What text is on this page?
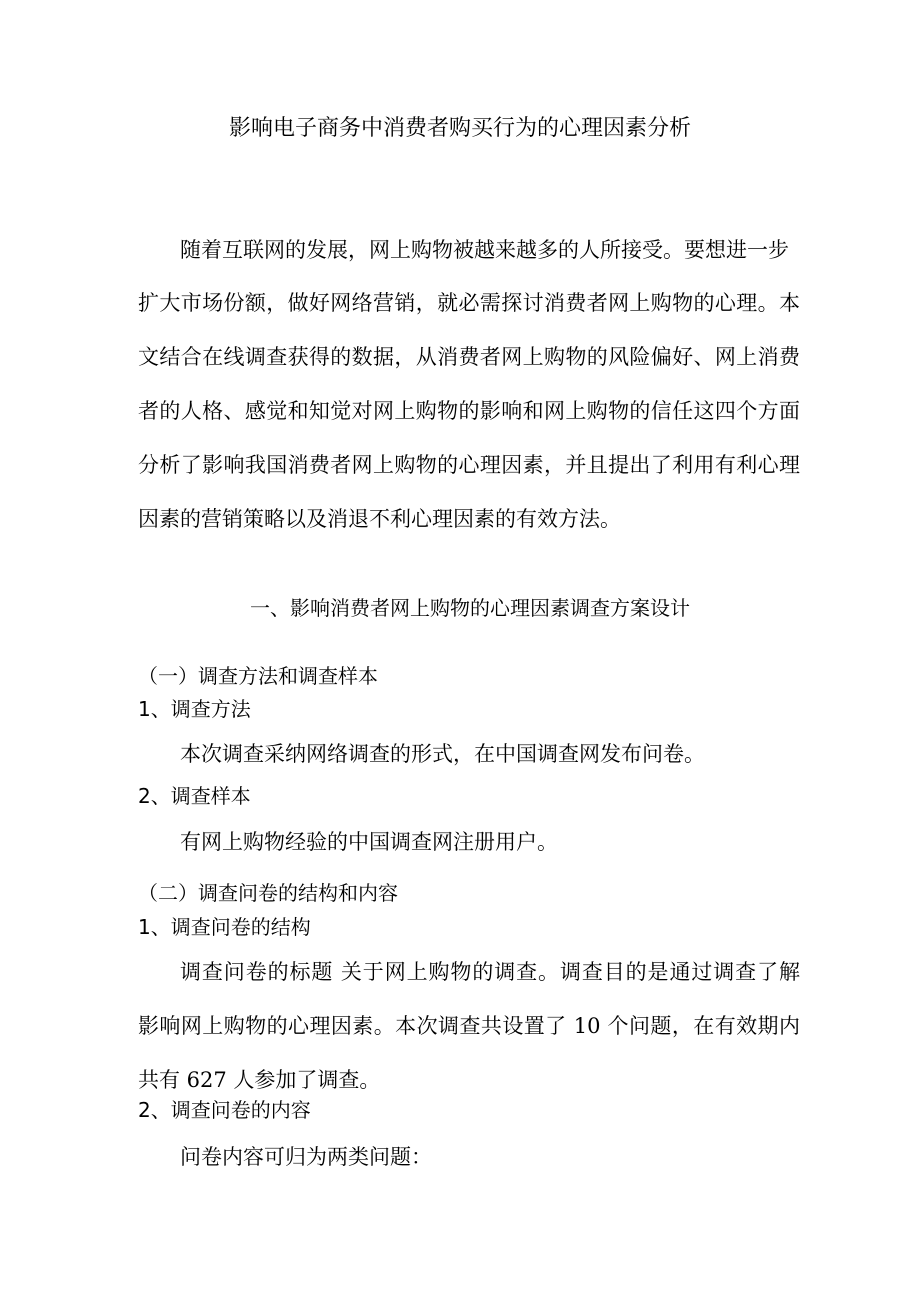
影响电子商务中消费者购买行为的心理因素分析
随着互联网的发展，网上购物被越来越多的人所接受。要想进一步
扩大市场份额，做好网络营销，就必需探讨消费者网上购物的心理。本
文结合在线调查获得的数据，从消费者网上购物的风险偏好、网上消费
者的人格、感觉和知觉对网上购物的影响和网上购物的信任这四个方面
分析了影响我国消费者网上购物的心理因素，并且提出了利用有利心理
因素的营销策略以及消退不利心理因素的有效方法。
一、影响消费者网上购物的心理因素调查方案设计
（一）调查方法和调查样本
1、调查方法
本次调查采纳网络调查的形式，在中国调查网发布问卷。
2、调查样本
有网上购物经验的中国调查网注册用户。
（二）调查问卷的结构和内容
1、调查问卷的结构
调查问卷的标题 关于网上购物的调查。调查目的是通过调查了解
影响网上购物的心理因素。本次调查共设置了 10 个问题，在有效期内
共有 627 人参加了调查。
2、调查问卷的内容
问卷内容可归为两类问题：
